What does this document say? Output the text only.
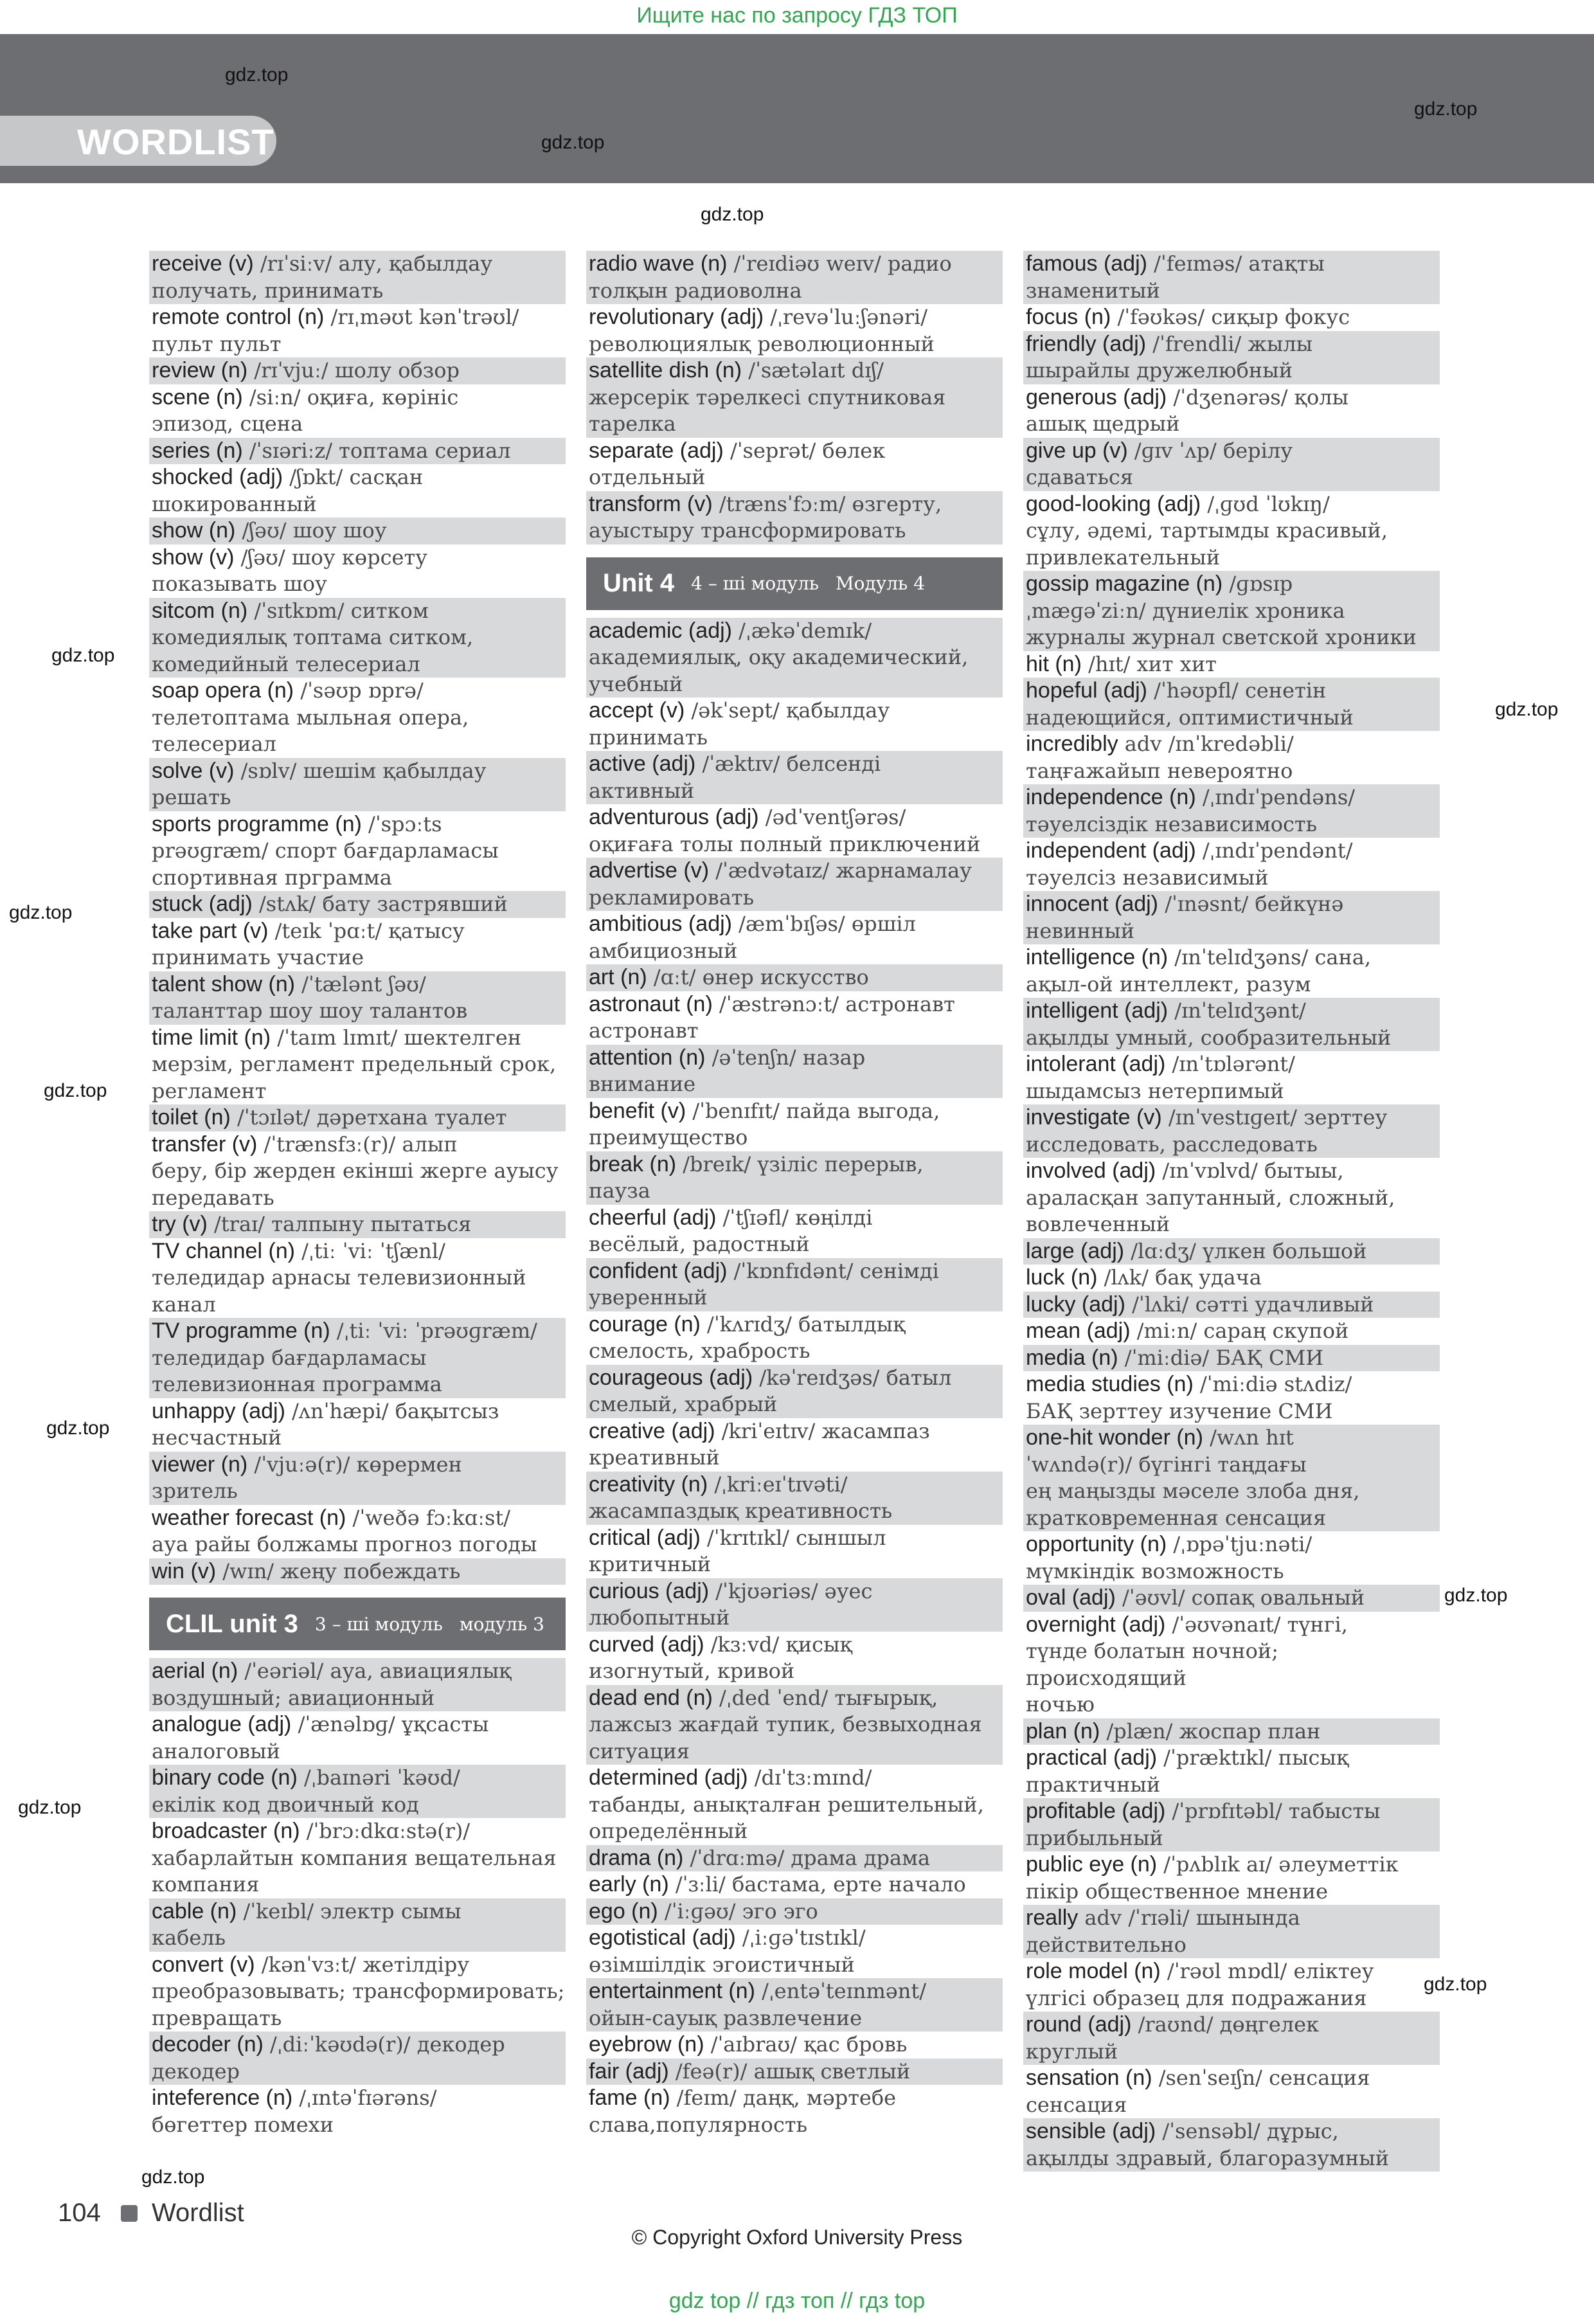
Ищите нас по запросу ГДЗ ТОП
WORDLIST
receive (v) /rɪˈsiːv/ алу, қабылдау
получать, принимать
remote control (n) /rɪˌməʊt kənˈtrəʊl/
пульт пульт
review (n) /rɪˈvjuː/ шолу обзор
scene (n) /siːn/ оқиға, көрініс
эпизод, сцена
series (n) /ˈsɪəriːz/ топтама сериал
shocked (adj) /ʃɒkt/ сасқан
шокированный
show (n) /ʃəʊ/ шоу шоу
show (v) /ʃəʊ/ шоу көрсету
показывать шоу
sitcom (n) /ˈsɪtkɒm/ ситком
комедиялық топтама ситком,
комедийный телесериал
soap opera (n) /ˈsəʊp ɒprə/
телетоптама мыльная опера,
телесериал
solve (v) /sɒlv/ шешім қабылдау
решать
sports programme (n) /ˈspɔːts
prəʊɡræm/ спорт бағдарламасы
спортивная прграмма
stuck (adj) /stʌk/ бату застрявший
take part (v) /teɪk ˈpɑːt/ қатысу
принимать участие
talent show (n) /ˈtælənt ʃəʊ/
таланттар шоу шоу талантов
time limit (n) /ˈtaɪm lɪmɪt/ шектелген
мерзім, регламент предельный срок,
регламент
toilet (n) /ˈtɔɪlət/ дәретхана туалет
transfer (v) /ˈtrænsfɜː(r)/ алып
беру, бір жерден екінші жерге ауысу
передавать
try (v) /traɪ/ талпыну пытаться
TV channel (n) /ˌtiː ˈviː ˈtʃænl/
теледидар арнасы телевизионный
канал
TV programme (n) /ˌtiː ˈviː ˈprəʊɡræm/
теледидар бағдарламасы
телевизионная программа
unhappy (adj) /ʌnˈhæpi/ бақытсыз
несчастный
viewer (n) /ˈvjuːə(r)/ көрермен
зритель
weather forecast (n) /ˈweðə fɔːkɑːst/
ауа райы болжамы прогноз погоды
win (v) /wɪn/ жеңу побеждать
CLIL unit 3 3 – ші модуль модуль 3
aerial (n) /ˈeəriəl/ ауа, авиациялық
воздушный; авиационный
analogue (adj) /ˈænəlɒɡ/ ұқсасты
аналоговый
binary code (n) /ˌbaɪnəri ˈkəʊd/
екілік код двоичный код
broadcaster (n) /ˈbrɔːdkɑːstə(r)/
хабарлайтын компания вещательная
компания
cable (n) /ˈkeɪbl/ электр сымы
кабель
convert (v) /kənˈvɜːt/ жетілдіру
преобразовывать; трансформировать;
превращать
decoder (n) /ˌdiːˈkəʊdə(r)/ декодер
декодер
inteference (n) /ˌɪntəˈfɪərəns/
бөгеттер помехи
radio wave (n) /ˈreɪdiəʊ weɪv/ радио
толқын радиоволна
revolutionary (adj) /ˌrevəˈluːʃənəri/
революциялық революционный
satellite dish (n) /ˈsætəlaɪt dɪʃ/
жерсерік тәрелкесі спутниковая
тарелка
separate (adj) /ˈseprət/ бөлек
отдельный
transform (v) /trænsˈfɔːm/ өзгерту,
ауыстыру трансформировать
Unit 4 4 – ші модуль Модуль 4
academic (adj) /ˌækəˈdemɪk/
академиялық, оқу академический,
учебный
accept (v) /əkˈsept/ қабылдау
принимать
active (adj) /ˈæktɪv/ белсенді
активный
adventurous (adj) /ədˈventʃərəs/
оқиғаға толы полный приключений
advertise (v) /ˈædvətaɪz/ жарнамалау
рекламировать
ambitious (adj) /æmˈbɪʃəs/ өршіл
амбициозный
art (n) /ɑːt/ өнер искусство
astronaut (n) /ˈæstrənɔːt/ астронавт
астронавт
attention (n) /əˈtenʃn/ назар
внимание
benefit (v) /ˈbenɪfɪt/ пайда выгода,
преимущество
break (n) /breɪk/ үзіліс перерыв,
пауза
cheerful (adj) /ˈtʃɪəfl/ көңілді
весёлый, радостный
confident (adj) /ˈkɒnfɪdənt/ сенімді
уверенный
courage (n) /ˈkʌrɪdʒ/ батылдық
смелость, храбрость
courageous (adj) /kəˈreɪdʒəs/ батыл
смелый, храбрый
creative (adj) /kriˈeɪtɪv/ жасампаз
креативный
creativity (n) /ˌkriːeɪˈtɪvəti/
жасампаздық креативность
critical (adj) /ˈkrɪtɪkl/ сыншыл
критичный
curious (adj) /ˈkjʊəriəs/ әуес
любопытный
curved (adj) /kɜːvd/ қисық
изогнутый, кривой
dead end (n) /ˌded ˈend/ тығырық,
лажсыз жағдай тупик, безвыходная
ситуация
determined (adj) /dɪˈtɜːmɪnd/
табанды, анықталған решительный,
определённый
drama (n) /ˈdrɑːmə/ драма драма
early (n) /ˈɜːli/ бастама, ерте начало
ego (n) /ˈiːɡəʊ/ эго эго
egotistical (adj) /ˌiːɡəˈtɪstɪkl/
өзімшілдік эгоистичный
entertainment (n) /ˌentəˈteɪnmənt/
ойын-сауық развлечение
eyebrow (n) /ˈaɪbraʊ/ қас бровь
fair (adj) /feə(r)/ ашық светлый
fame (n) /feɪm/ даңқ, мәртебе
слава,популярность
famous (adj) /ˈfeɪməs/ атақты
знаменитый
focus (n) /ˈfəʊkəs/ сиқыр фокус
friendly (adj) /ˈfrendli/ жылы
шырайлы дружелюбный
generous (adj) /ˈdʒenərəs/ қолы
ашық щедрый
give up (v) /ɡɪv ˈʌp/ берілу
сдаваться
good-looking (adj) /ˌɡʊd ˈlʊkɪŋ/
сұлу, әдемі, тартымды красивый,
привлекательный
gossip magazine (n) /ɡɒsɪp
ˌmæɡəˈziːn/ дүниелік хроника
журналы журнал светской хроники
hit (n) /hɪt/ хит хит
hopeful (adj) /ˈhəʊpfl/ сенетін
надеющийся, оптимистичный
incredibly adv /ɪnˈkredəbli/
таңғажайып невероятно
independence (n) /ˌɪndɪˈpendəns/
тәуелсіздік независимость
independent (adj) /ˌɪndɪˈpendənt/
тәуелсіз независимый
innocent (adj) /ˈɪnəsnt/ бейкүнә
невинный
intelligence (n) /ɪnˈtelɪdʒəns/ сана,
ақыл-ой интеллект, разум
intelligent (adj) /ɪnˈtelɪdʒənt/
ақылды умный, сообразительный
intolerant (adj) /ɪnˈtɒlərənt/
шыдамсыз нетерпимый
investigate (v) /ɪnˈvestɪɡeɪt/ зерттеу
исследовать, расследовать
involved (adj) /ɪnˈvɒlvd/ бытыы,
араласқан запутанный, сложный,
вовлеченный
large (adj) /lɑːdʒ/ үлкен большой
luck (n) /lʌk/ бақ удача
lucky (adj) /ˈlʌki/ сәтті удачливый
mean (adj) /miːn/ сараң скупой
media (n) /ˈmiːdiə/ БАҚ СМИ
media studies (n) /ˈmiːdiə stʌdiz/
БАҚ зерттеу изучение СМИ
one-hit wonder (n) /wʌn hɪt
ˈwʌndə(r)/ бүгінгі таңдағы
ең маңызды мәселе злоба дня,
кратковременная сенсация
opportunity (n) /ˌɒpəˈtjuːnəti/
мүмкіндік возможность
oval (adj) /ˈəʊvl/ сопақ овальный
overnight (adj) /ˈəʊvənaɪt/ түнгі,
түнде болатын ночной; происходящий
ночью
plan (n) /plæn/ жоспар план
practical (adj) /ˈpræktɪkl/ пысық
практичный
profitable (adj) /ˈprɒfɪtəbl/ табысты
прибыльный
public eye (n) /ˈpʌblɪk aɪ/ әлеуметтік
пікір общественное мнение
really adv /ˈrɪəli/ шынында
действительно
role model (n) /ˈrəʊl mɒdl/ еліктеу
үлгісі образец для подражания
round (adj) /raʊnd/ дөңгелек
круглый
sensation (n) /senˈseɪʃn/ сенсация
сенсация
sensible (adj) /ˈsensəbl/ дұрыс,
ақылды здравый, благоразумный
gdz.top
gdz.top
gdz.top
gdz.top
gdz.top
gdz.top
gdz.top
gdz.top
gdz.top
gdz.top
gdz.top
gdz.top
gdz.top
104 Wordlist
© Copyright Oxford University Press
gdz top // гдз топ // гдз top
